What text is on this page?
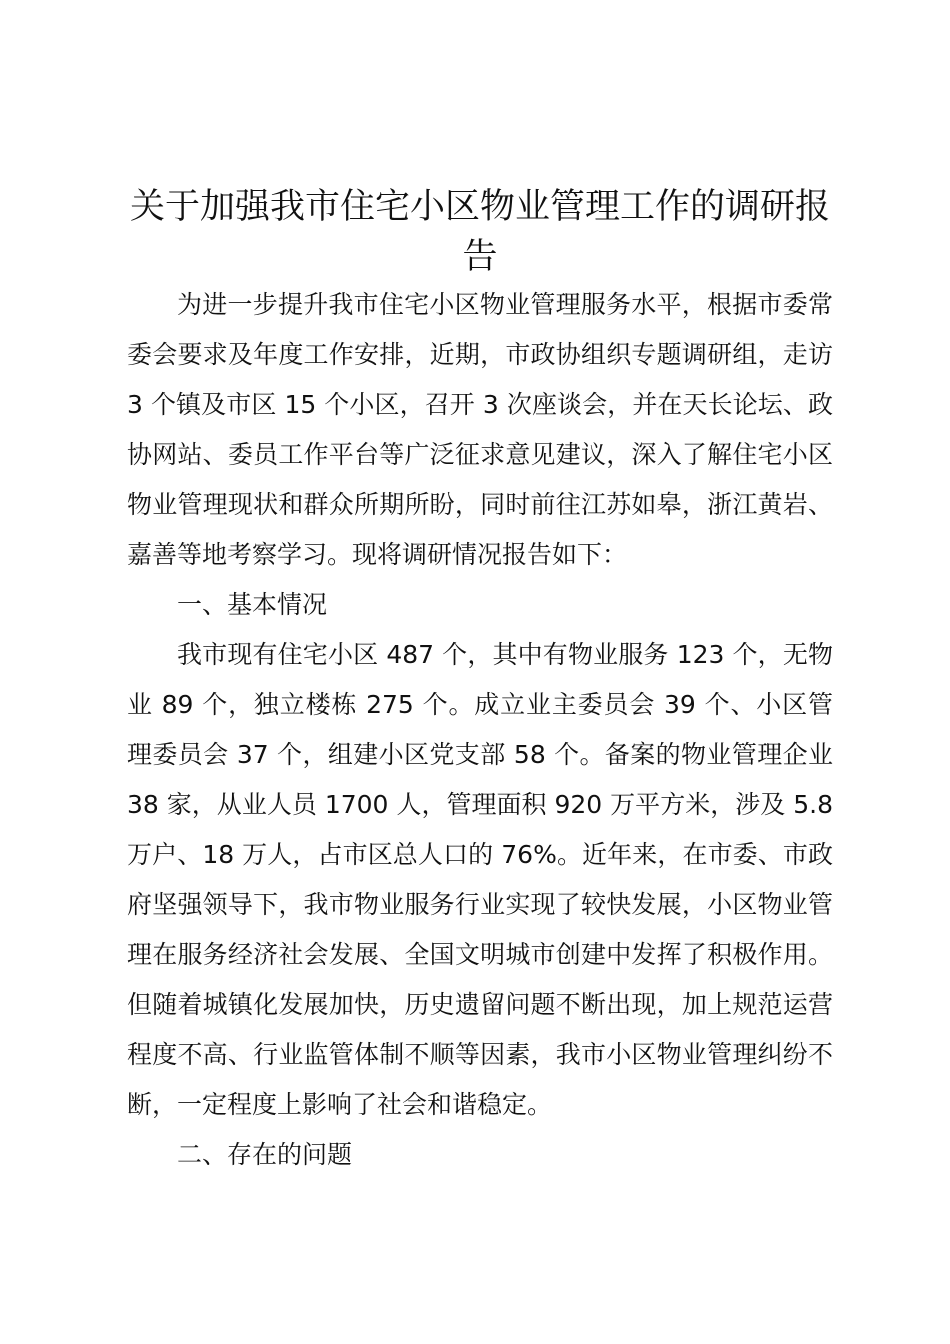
关于加强我市住宅小区物业管理工作的调研报告

为进一步提升我市住宅小区物业管理服务水平，根据市委常委会要求及年度工作安排，近期，市政协组织专题调研组，走访 3 个镇及市区 15 个小区，召开 3 次座谈会，并在天长论坛、政协网站、委员工作平台等广泛征求意见建议，深入了解住宅小区物业管理现状和群众所期所盼，同时前往江苏如皋，浙江黄岩、嘉善等地考察学习。现将调研情况报告如下：

一、基本情况

我市现有住宅小区 487 个，其中有物业服务 123 个，无物业 89 个，独立楼栋 275 个。成立业主委员会 39 个、小区管理委员会 37 个，组建小区党支部 58 个。备案的物业管理企业 38 家，从业人员 1700 人，管理面积 920 万平方米，涉及 5.8 万户、18 万人，占市区总人口的 76%。近年来，在市委、市政府坚强领导下，我市物业服务行业实现了较快发展，小区物业管理在服务经济社会发展、全国文明城市创建中发挥了积极作用。但随着城镇化发展加快，历史遗留问题不断出现，加上规范运营程度不高、行业监管体制不顺等因素，我市小区物业管理纠纷不断，一定程度上影响了社会和谐稳定。

二、存在的问题
